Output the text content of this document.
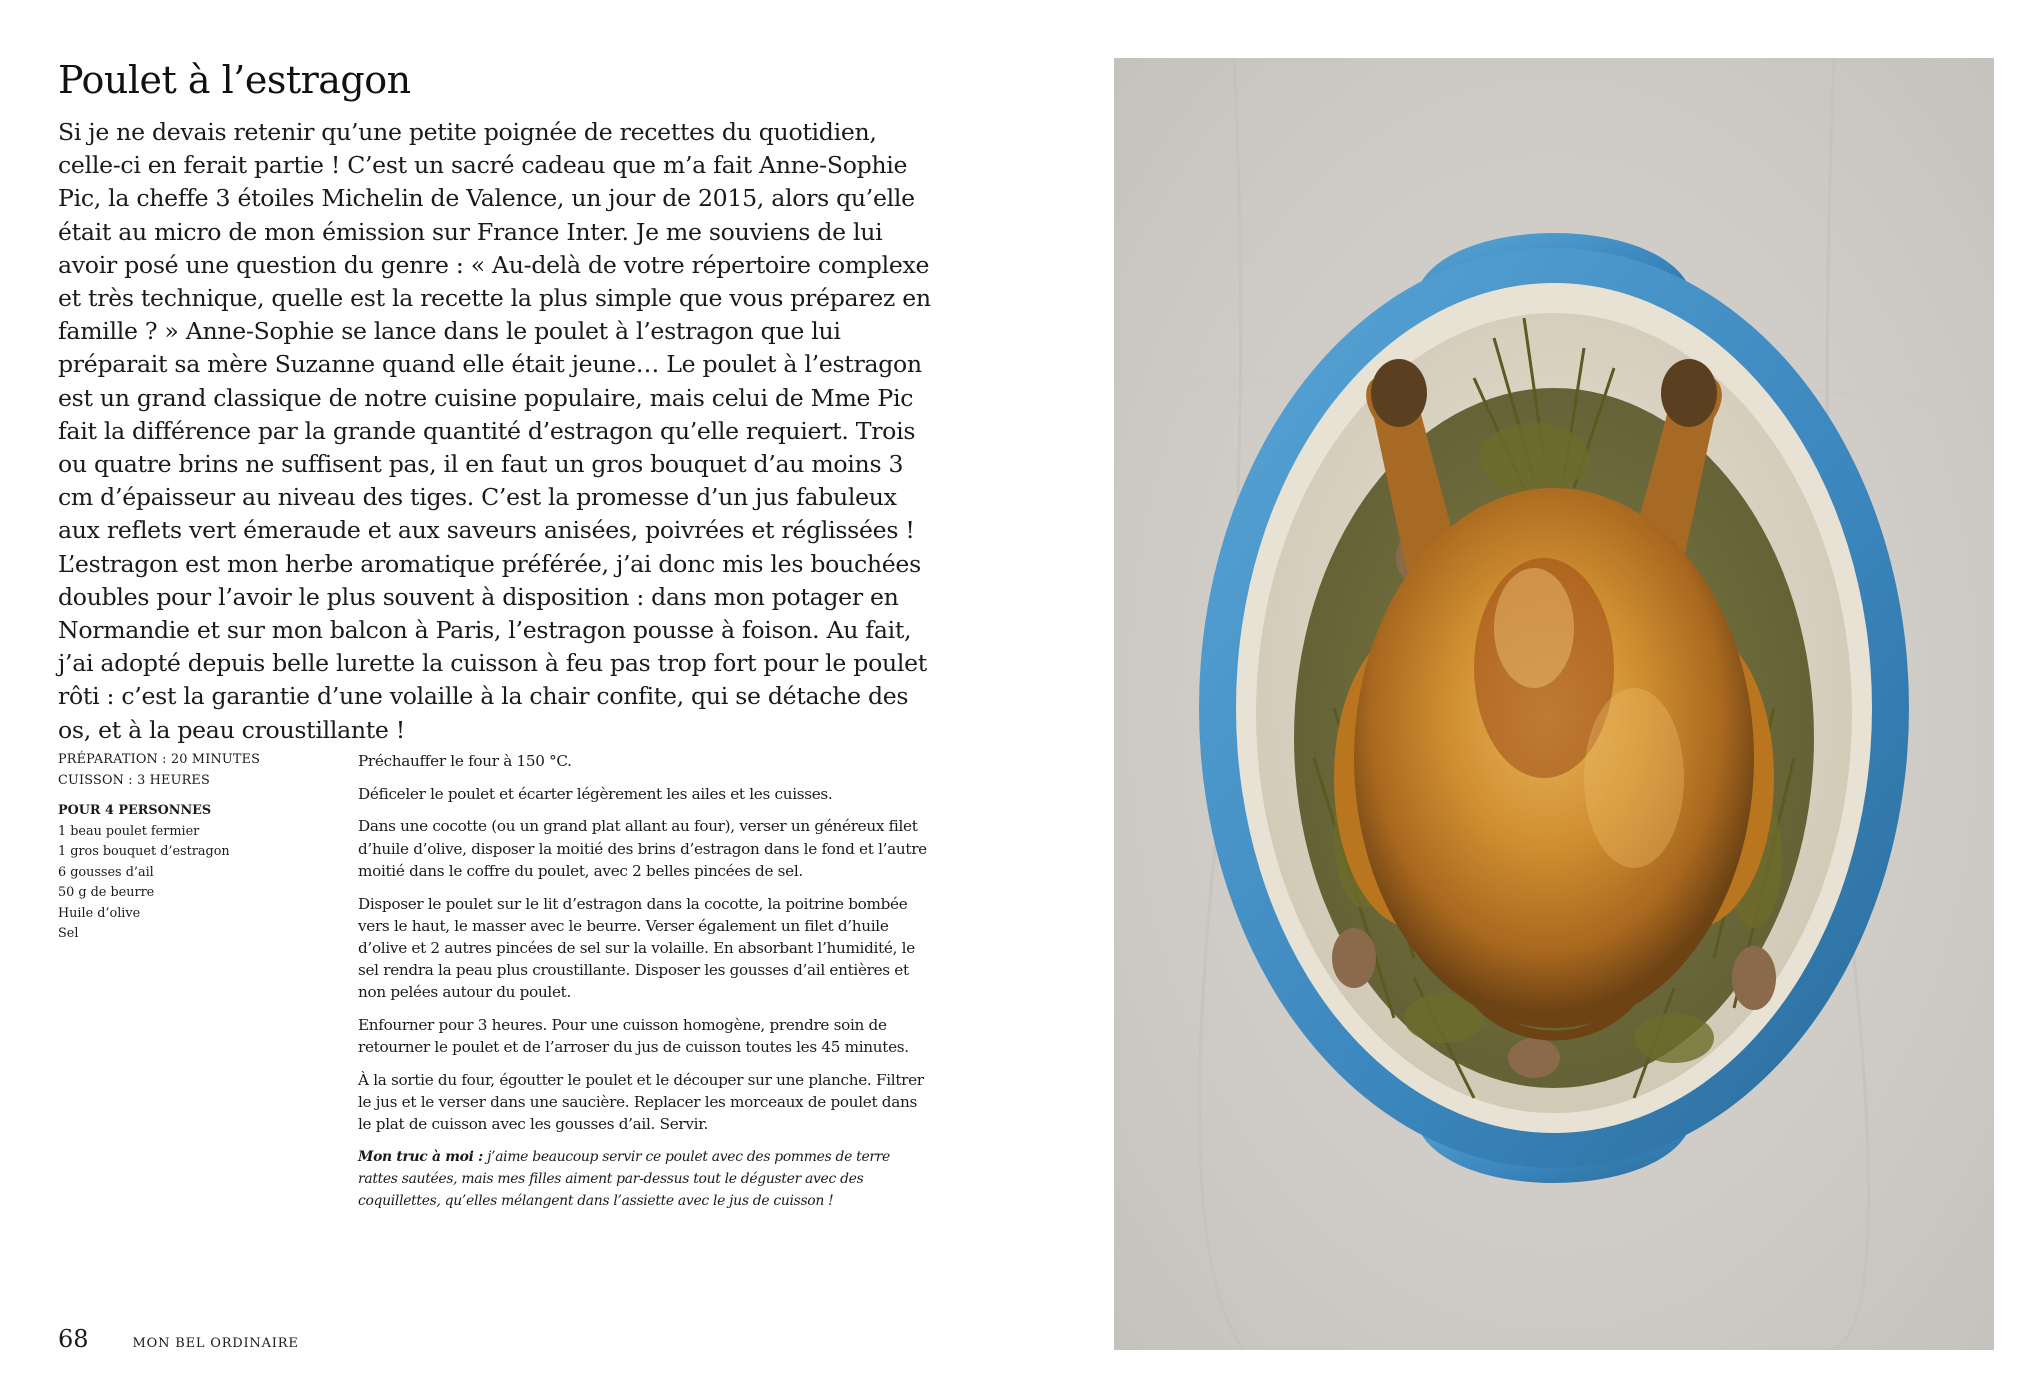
Poulet à l’estragon

Si je ne devais retenir qu’une petite poignée de recettes du quotidien, celle-ci en ferait partie ! C’est un sacré cadeau que m’a fait Anne-Sophie Pic, la cheffe 3 étoiles Michelin de Valence, un jour de 2015, alors qu’elle était au micro de mon émission sur France Inter. Je me souviens de lui avoir posé une question du genre : « Au-delà de votre répertoire complexe et très technique, quelle est la recette la plus simple que vous préparez en famille ? » Anne-Sophie se lance dans le poulet à l’estragon que lui préparait sa mère Suzanne quand elle était jeune… Le poulet à l’estragon est un grand classique de notre cuisine populaire, mais celui de Mme Pic fait la différence par la grande quantité d’estragon qu’elle requiert. Trois ou quatre brins ne suffisent pas, il en faut un gros bouquet d’au moins 3 cm d’épaisseur au niveau des tiges. C’est la promesse d’un jus fabuleux aux reflets vert émeraude et aux saveurs anisées, poivrées et réglissées ! L’estragon est mon herbe aromatique préférée, j’ai donc mis les bouchées doubles pour l’avoir le plus souvent à disposition : dans mon potager en Normandie et sur mon balcon à Paris, l’estragon pousse à foison. Au fait, j’ai adopté depuis belle lurette la cuisson à feu pas trop fort pour le poulet rôti : c’est la garantie d’une volaille à la chair confite, qui se détache des os, et à la peau croustillante !

PRÉPARATION : 20 MINUTES
CUISSON : 3 HEURES
POUR 4 PERSONNES
1 beau poulet fermier
1 gros bouquet d’estragon
6 gousses d’ail
50 g de beurre
Huile d’olive
Sel

Préchauffer le four à 150 °C.

Déficeler le poulet et écarter légèrement les ailes et les cuisses.

Dans une cocotte (ou un grand plat allant au four), verser un généreux filet d’huile d’olive, disposer la moitié des brins d’estragon dans le fond et l’autre moitié dans le coffre du poulet, avec 2 belles pincées de sel.

Disposer le poulet sur le lit d’estragon dans la cocotte, la poitrine bombée vers le haut, le masser avec le beurre. Verser également un filet d’huile d’olive et 2 autres pincées de sel sur la volaille. En absorbant l’humidité, le sel rendra la peau plus croustillante. Disposer les gousses d’ail entières et non pelées autour du poulet.

Enfourner pour 3 heures. Pour une cuisson homogène, prendre soin de retourner le poulet et de l’arroser du jus de cuisson toutes les 45 minutes.

À la sortie du four, égoutter le poulet et le découper sur une planche. Filtrer le jus et le verser dans une saucière. Replacer les morceaux de poulet dans le plat de cuisson avec les gousses d’ail. Servir.

Mon truc à moi : j’aime beaucoup servir ce poulet avec des pommes de terre rattes sautées, mais mes filles aiment par-dessus tout le déguster avec des coquillettes, qu’elles mélangent dans l’assiette avec le jus de cuisson !

68	MON BEL ORDINAIRE
